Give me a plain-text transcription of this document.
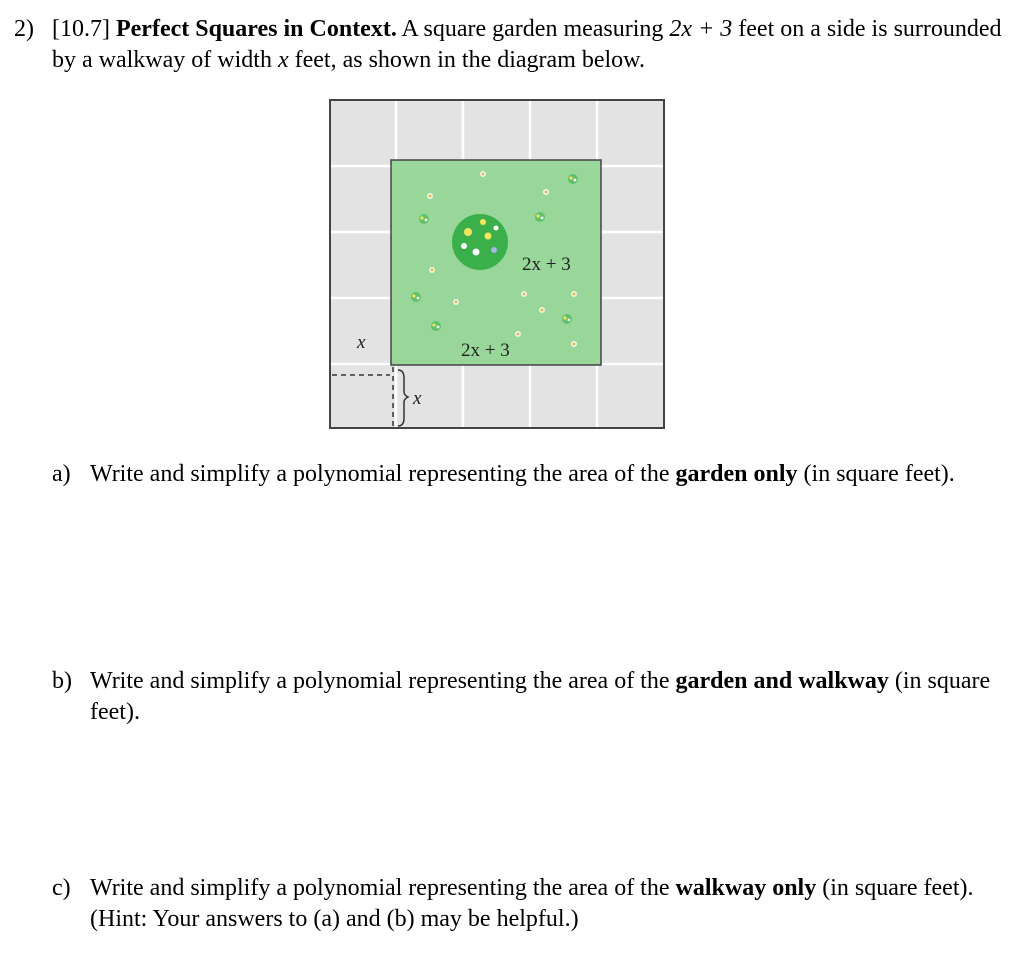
2) [10.7] Perfect Squares in Context. A square garden measuring 2x + 3 feet on a side is surrounded by a walkway of width x feet, as shown in the diagram below.
2x + 3
2x + 3
x
x
a) Write and simplify a polynomial representing the area of the garden only (in square feet).
b) Write and simplify a polynomial representing the area of the garden and walkway (in square feet).
c) Write and simplify a polynomial representing the area of the walkway only (in square feet). (Hint: Your answers to (a) and (b) may be helpful.)
